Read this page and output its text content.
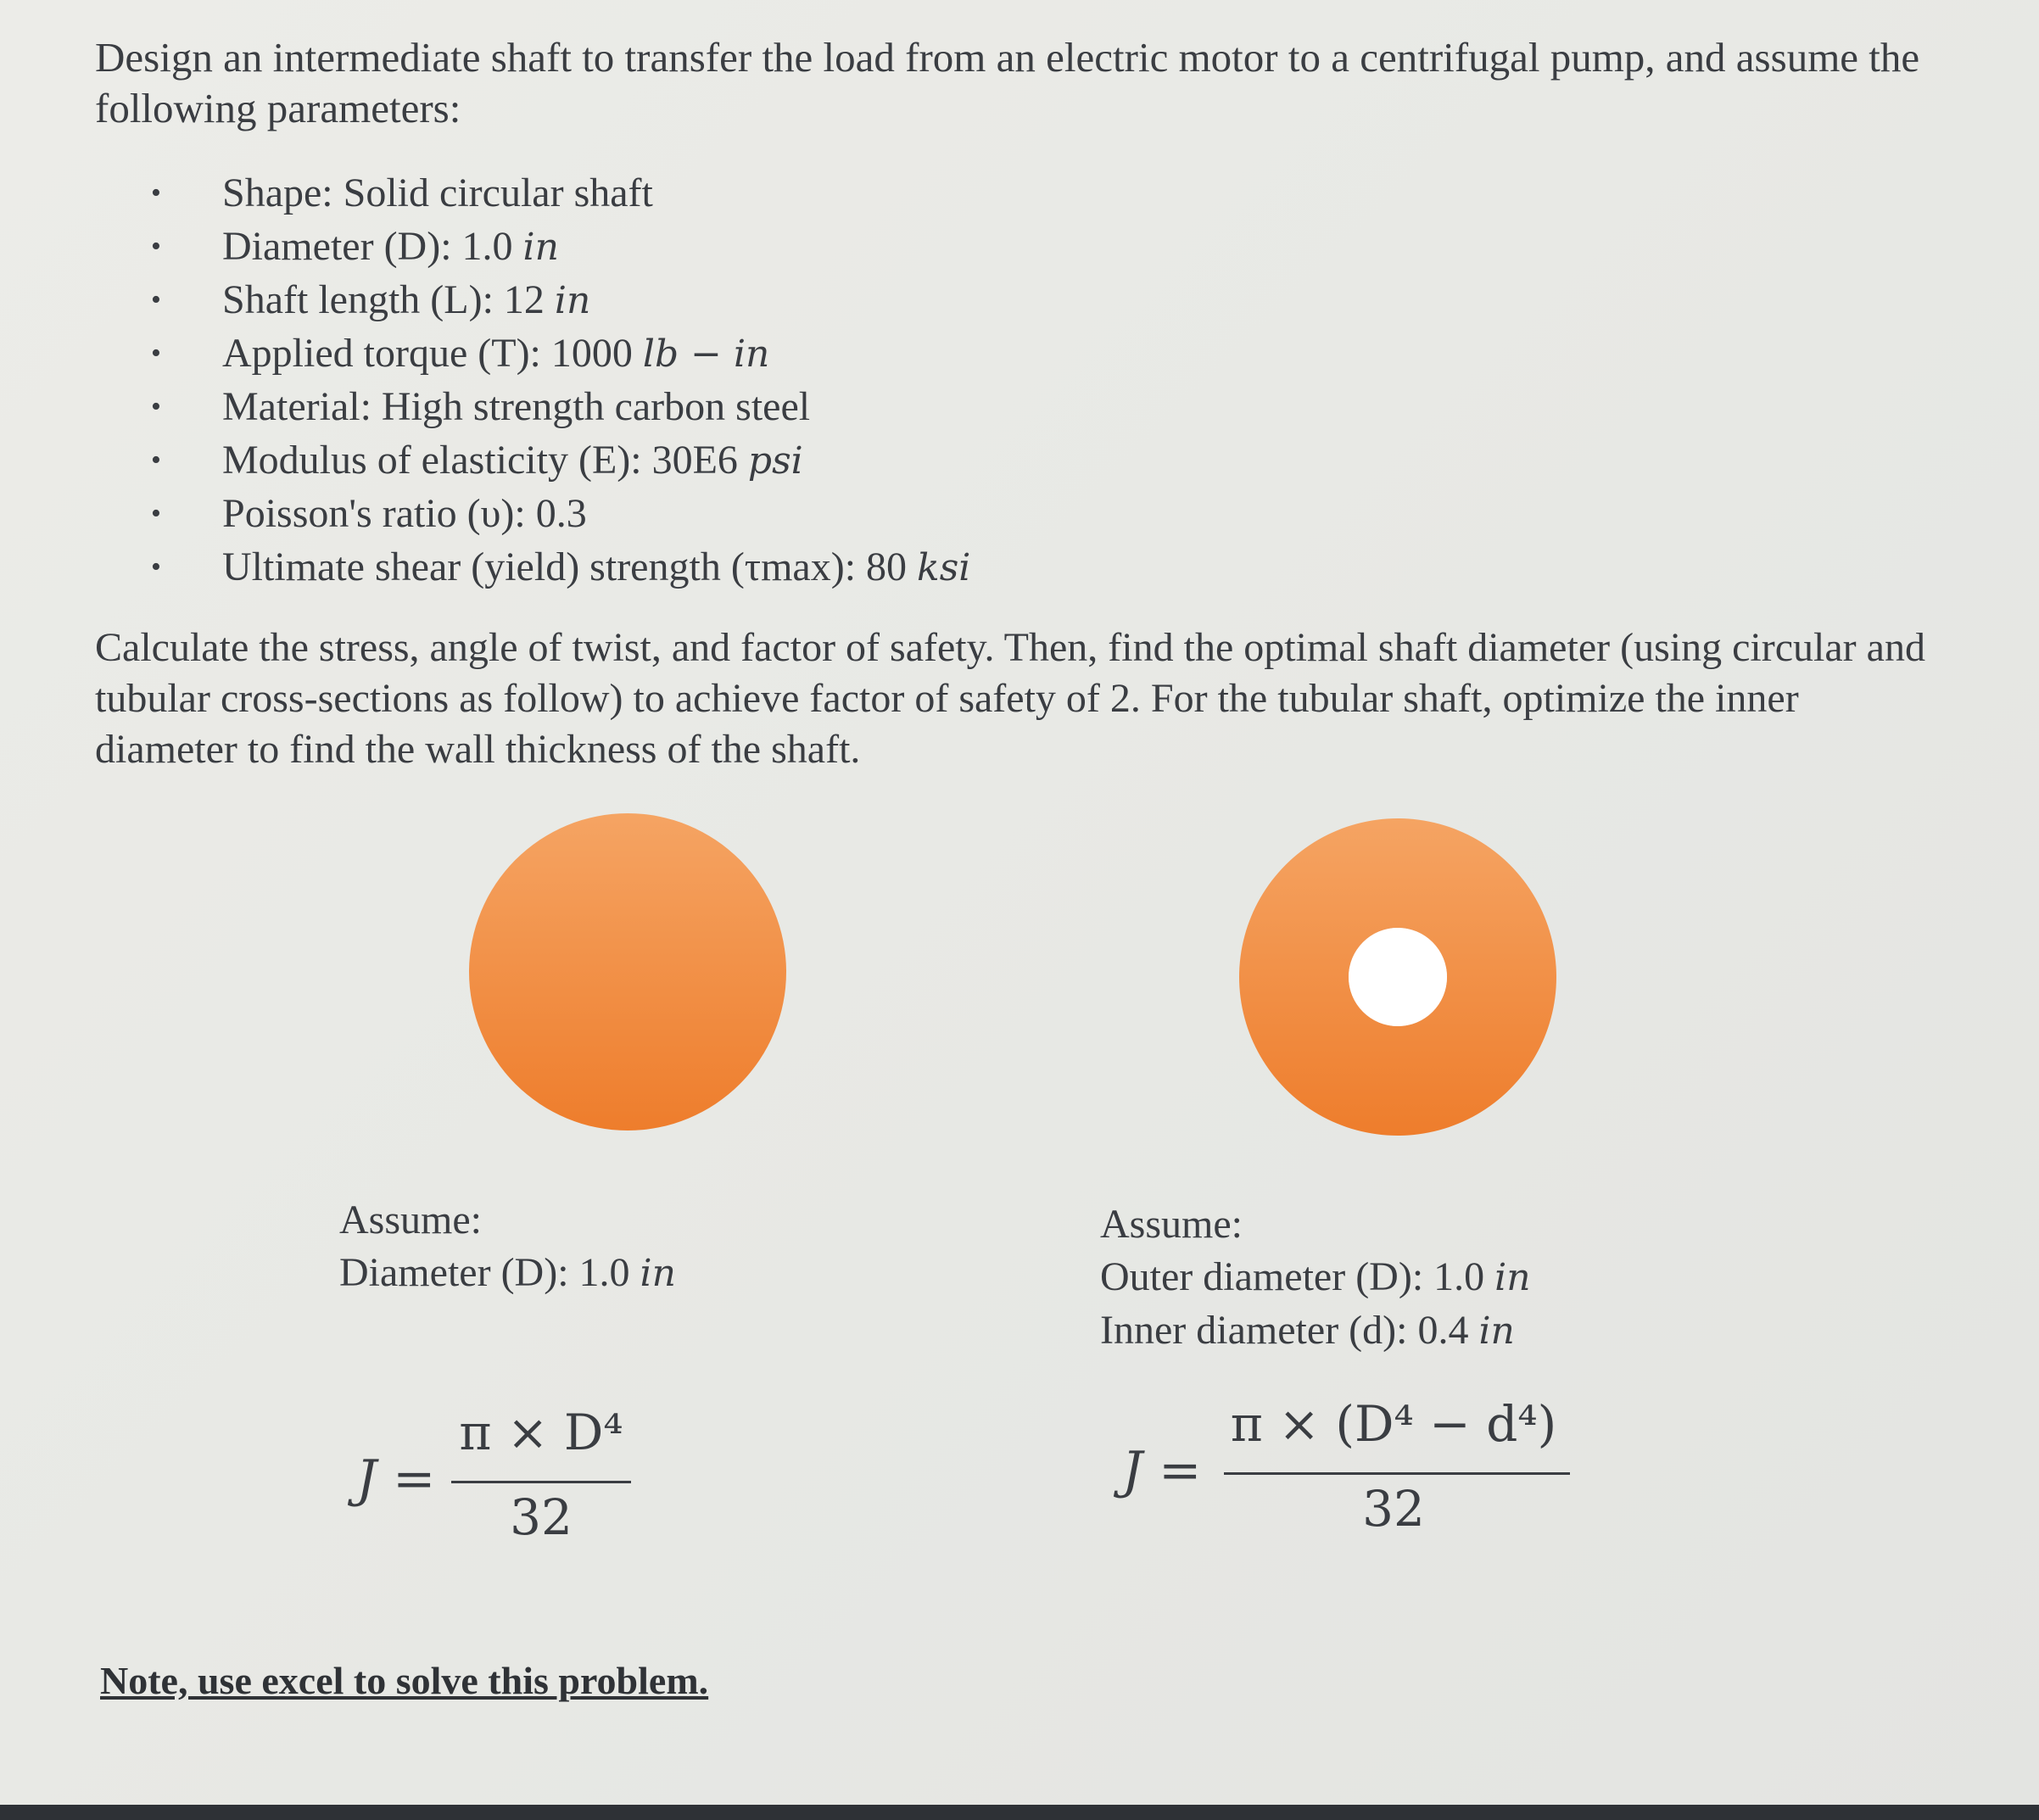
Design an intermediate shaft to transfer the load from an electric motor to a centrifugal pump, and assume the following parameters:

• Shape: Solid circular shaft
• Diameter (D): 1.0 in
• Shaft length (L): 12 in
• Applied torque (T): 1000 lb − in
• Material: High strength carbon steel
• Modulus of elasticity (E): 30E6 psi
• Poisson's ratio (υ): 0.3
• Ultimate shear (yield) strength (τmax): 80 ksi

Calculate the stress, angle of twist, and factor of safety. Then, find the optimal shaft diameter (using circular and tubular cross-sections as follow) to achieve factor of safety of 2. For the tubular shaft, optimize the inner diameter to find the wall thickness of the shaft.

Assume:
Diameter (D): 1.0 in
Assume:
Outer diameter (D): 1.0 in
Inner diameter (d): 0.4 in
J =
π × D⁴
32
J =
π × (D⁴ − d⁴)
32
Note, use excel to solve this problem.
